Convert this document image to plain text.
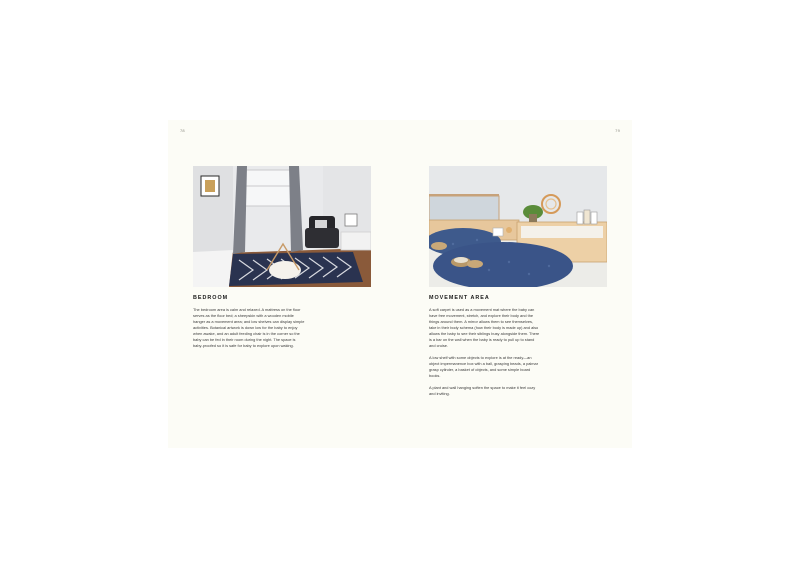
78	79
BEDROOM	MOVEMENT AREA

The bedroom area is calm and relaxed. A mattress on the floor serves as the floor bed; a sheepskin with a wooden mobile hanger as a movement area; and low shelves can display simple activities. Botanical artwork is down low for the baby to enjoy when awake, and an adult feeding chair is in the corner so the baby can be fed in their room during the night. The space is baby-proofed so it is safe for baby to explore upon waking.

A soft carpet is used as a movement mat where the baby can have free movement, stretch, and explore their body and the things around them. A mirror allows them to see themselves, take in their body schema (how their body is made up) and also allows the baby to see their siblings busy alongside them. There is a bar on the wall when the baby is ready to pull up to stand and cruise.

A low shelf with some objects to explore is at the ready—an object impermanence box with a ball, grasping beads, a palmar grasp cylinder, a basket of objects, and some simple board books.

A plant and wall hanging soften the space to make it feel cozy and inviting.
